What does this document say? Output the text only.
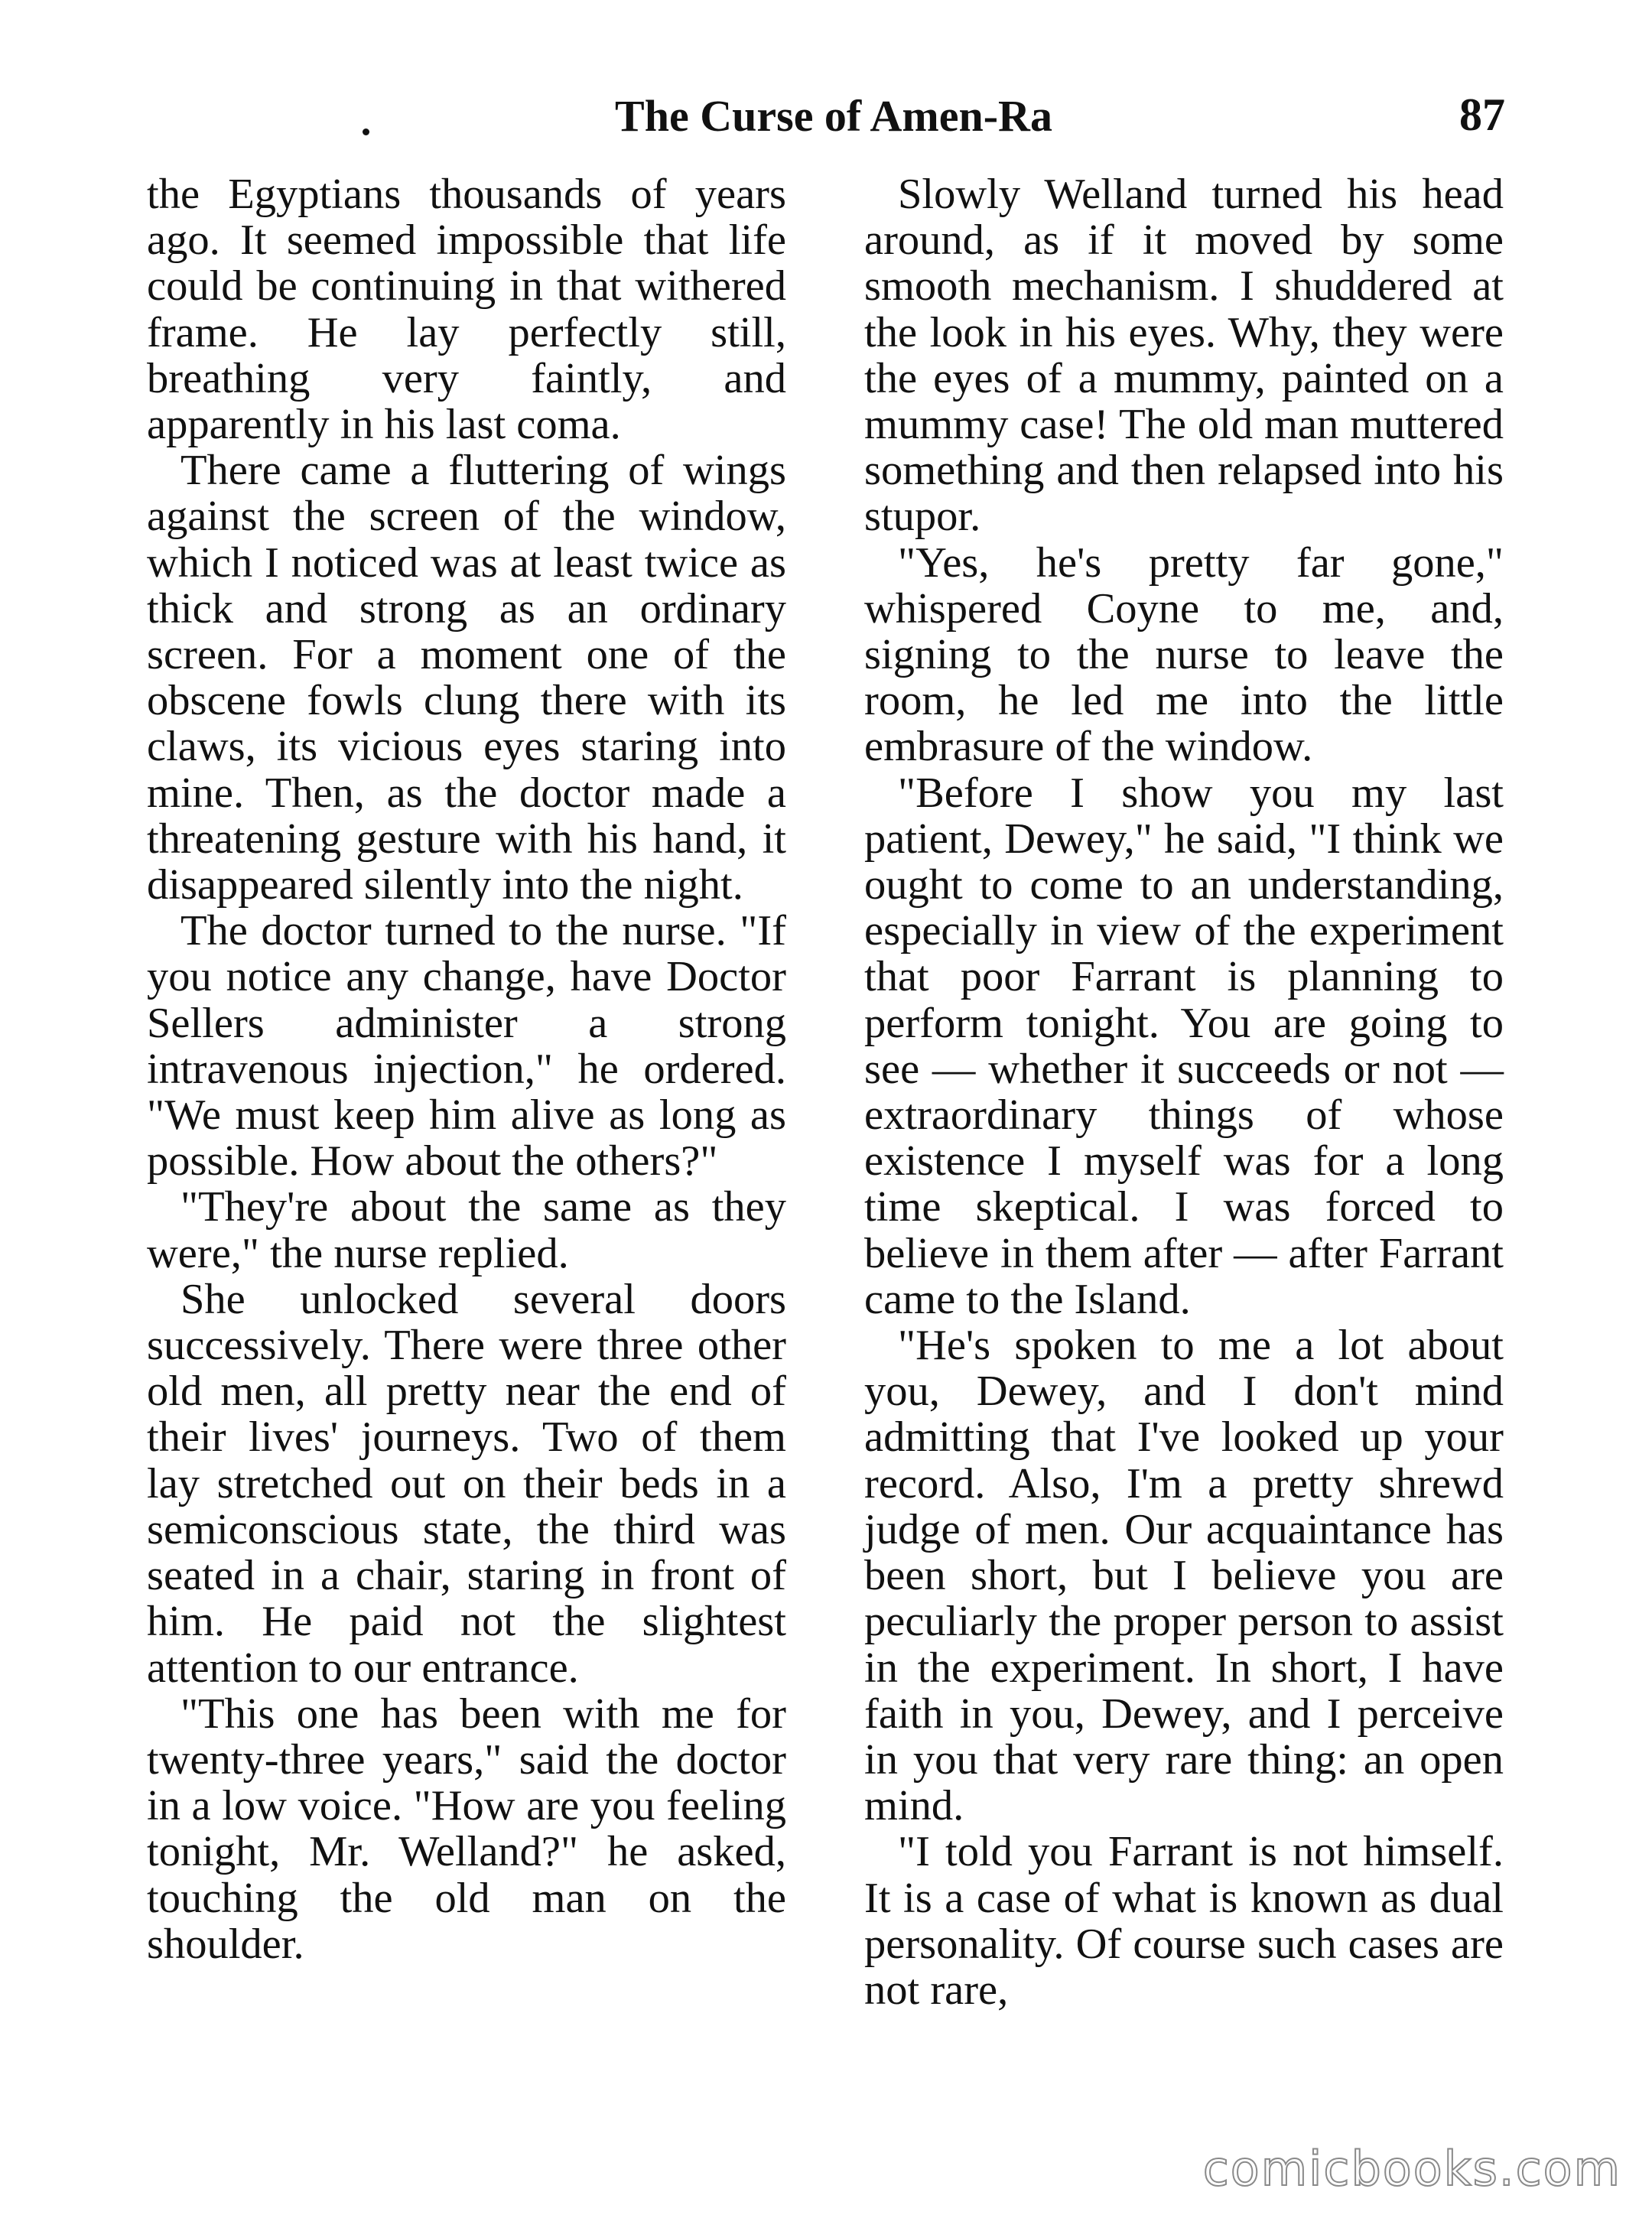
The Curse of Amen-Ra	87

the Egyptians thousands of years ago. It seemed impossible that life could be continuing in that withered frame. He lay perfectly still, breathing very faintly, and apparently in his last coma.

There came a fluttering of wings against the screen of the window, which I noticed was at least twice as thick and strong as an ordinary screen. For a moment one of the obscene fowls clung there with its claws, its vicious eyes staring into mine. Then, as the doctor made a threatening gesture with his hand, it disappeared silently into the night.

The doctor turned to the nurse. "If you notice any change, have Doctor Sellers administer a strong intravenous injection," he ordered. "We must keep him alive as long as possible. How about the others?"

"They're about the same as they were," the nurse replied.

She unlocked several doors successively. There were three other old men, all pretty near the end of their lives' journeys. Two of them lay stretched out on their beds in a semiconscious state, the third was seated in a chair, staring in front of him. He paid not the slightest attention to our entrance.

"This one has been with me for twenty-three years," said the doctor in a low voice. "How are you feeling tonight, Mr. Welland?" he asked, touching the old man on the shoulder.

Slowly Welland turned his head around, as if it moved by some smooth mechanism. I shuddered at the look in his eyes. Why, they were the eyes of a mummy, painted on a mummy case! The old man muttered something and then relapsed into his stupor.

"Yes, he's pretty far gone," whispered Coyne to me, and, signing to the nurse to leave the room, he led me into the little embrasure of the window.

"Before I show you my last patient, Dewey," he said, "I think we ought to come to an understanding, especially in view of the experiment that poor Farrant is planning to perform tonight. You are going to see — whether it succeeds or not — extraordinary things of whose existence I myself was for a long time skeptical. I was forced to believe in them after — after Farrant came to the Island.

"He's spoken to me a lot about you, Dewey, and I don't mind admitting that I've looked up your record. Also, I'm a pretty shrewd judge of men. Our acquaintance has been short, but I believe you are peculiarly the proper person to assist in the experiment. In short, I have faith in you, Dewey, and I perceive in you that very rare thing: an open mind.

"I told you Farrant is not himself. It is a case of what is known as dual personality. Of course such cases are not rare,

comicbooks.com
